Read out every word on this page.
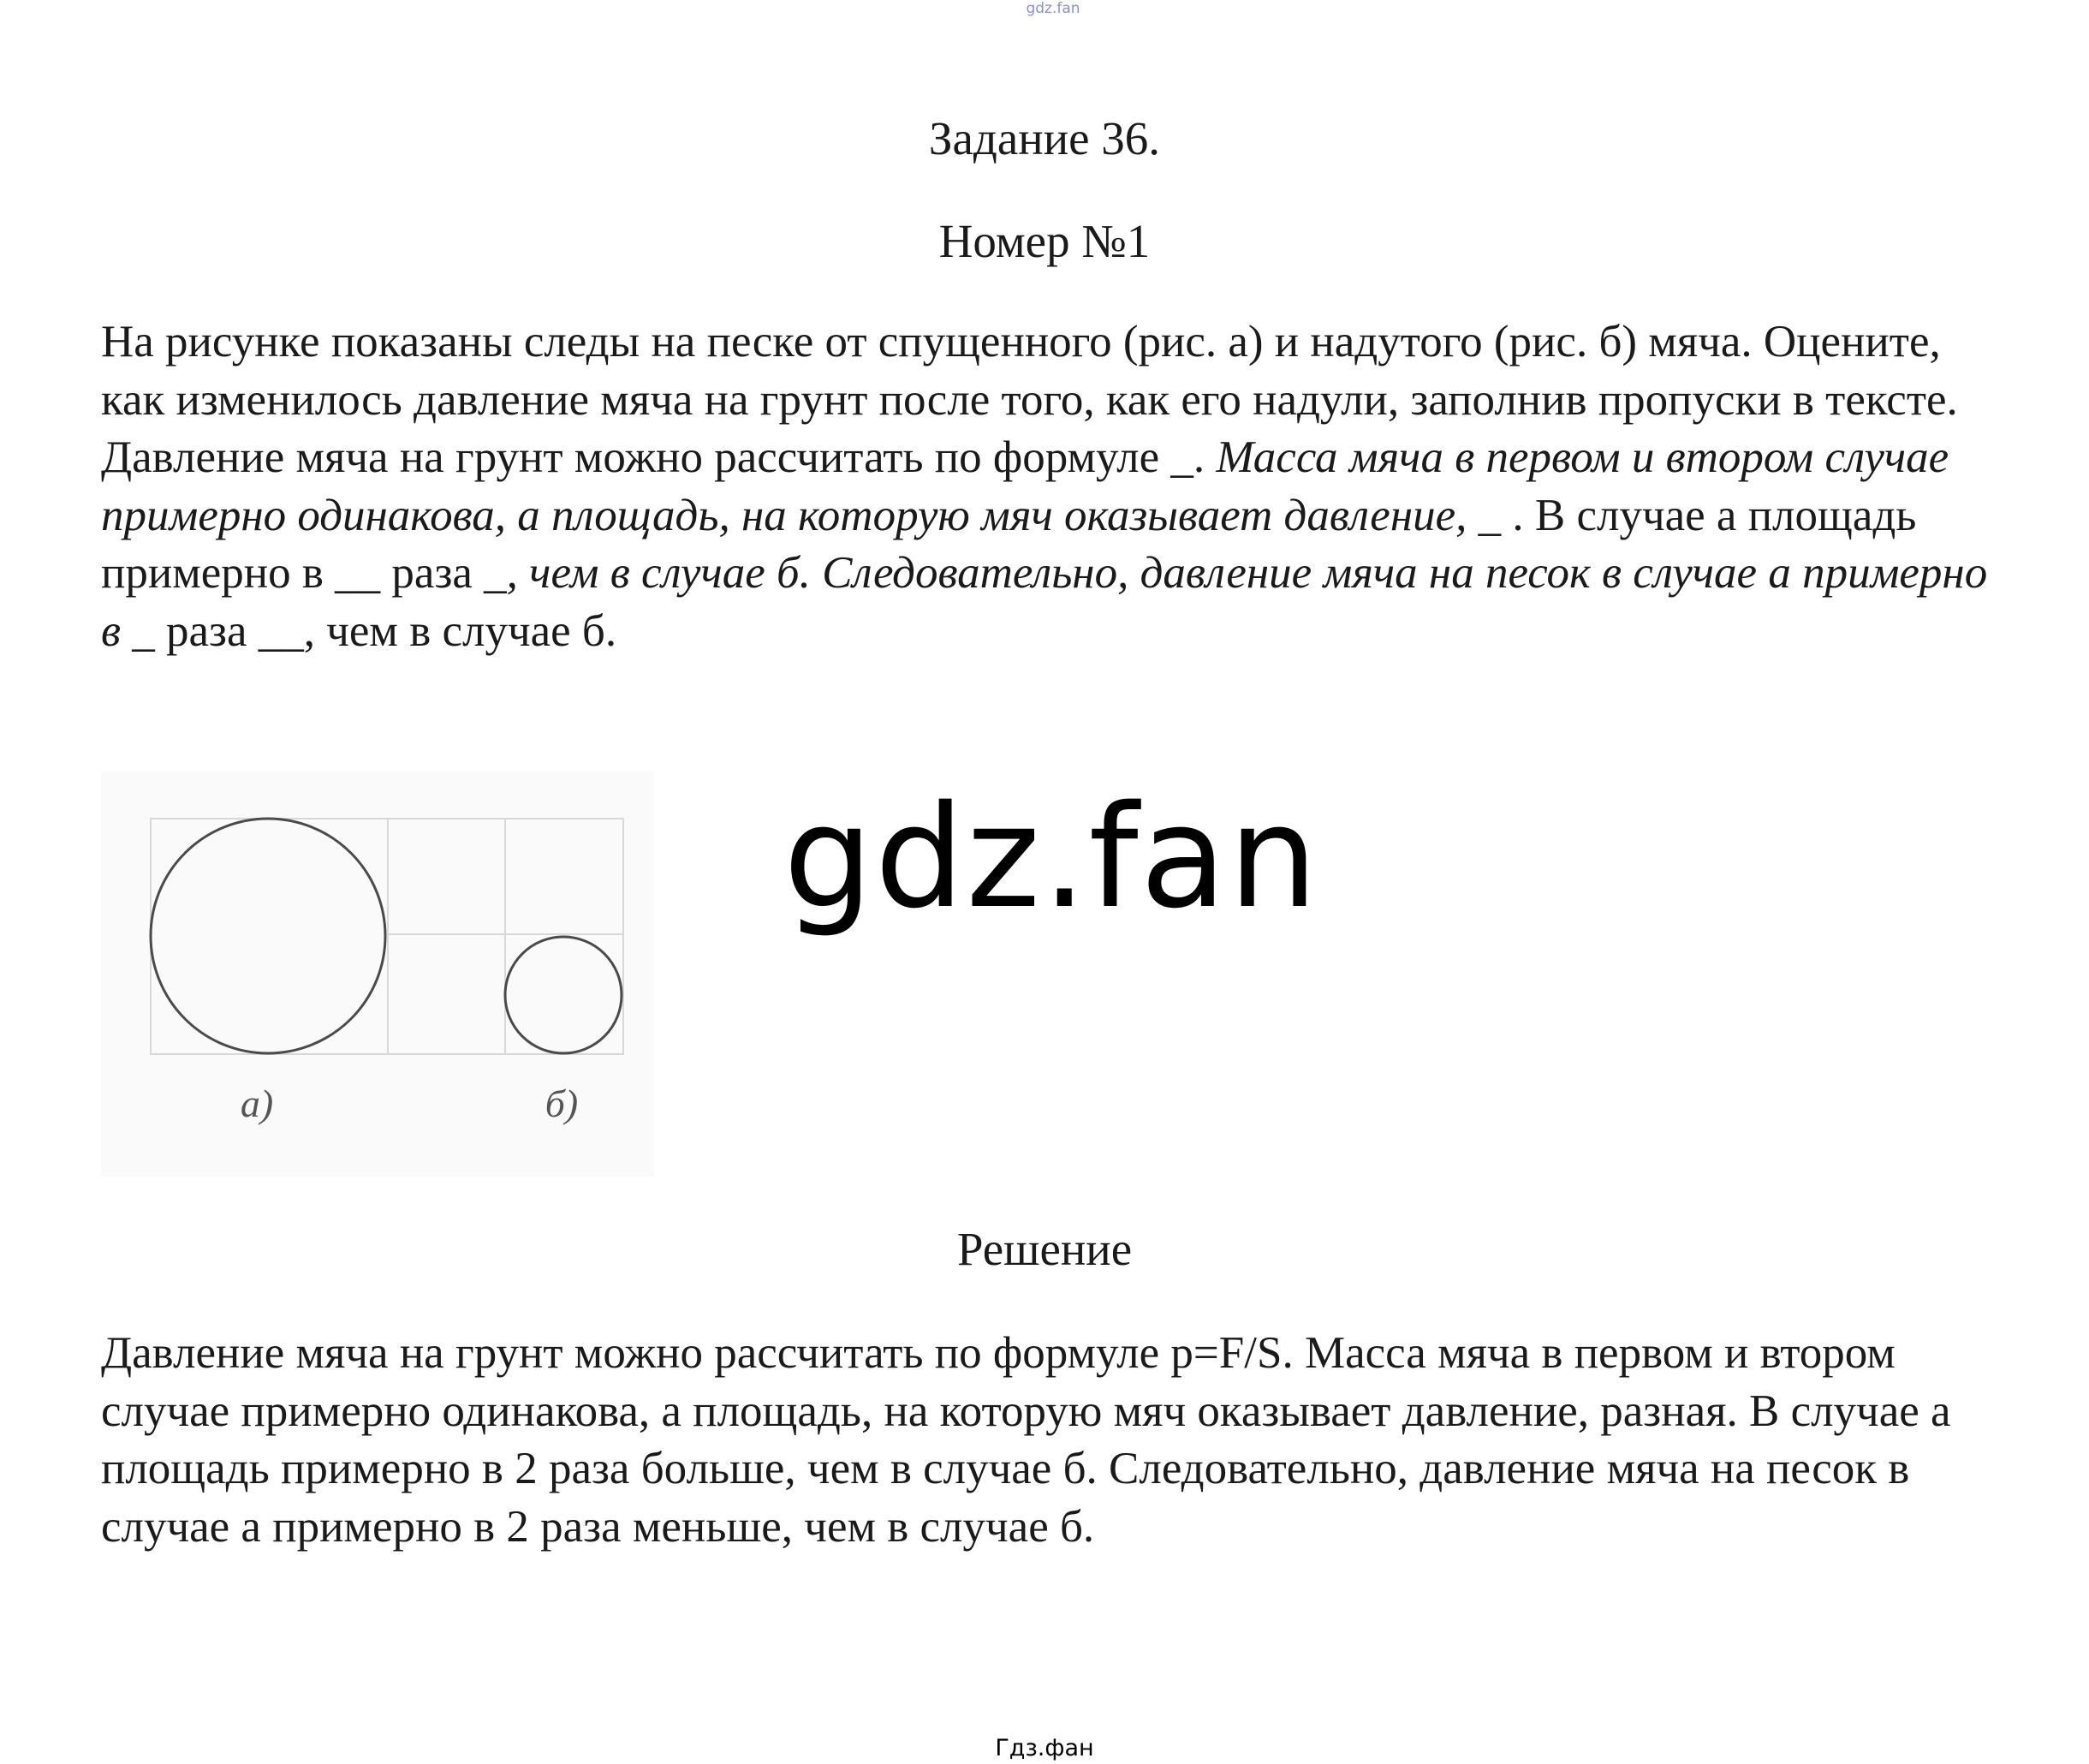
gdz.fan
Задание 36.
Номер №1
На рисунке показаны следы на песке от спущенного (рис. а) и надутого (рис. б) мяча. Оцените, как изменилось давление мяча на грунт после того, как его надули, заполнив пропуски в тексте.
Давление мяча на грунт можно рассчитать по формуле _. Масса мяча в первом и втором случае примерно одинакова, а площадь, на которую мяч оказывает давление, _ . В случае а площадь примерно в __ раза _, чем в случае б. Следовательно, давление мяча на песок в случае а примерно в _ раза __, чем в случае б.
а)	б)
gdz.fan
Решение
Давление мяча на грунт можно рассчитать по формуле p=F/S. Масса мяча в первом и втором случае примерно одинакова, а площадь, на которую мяч оказывает давление, разная. В случае а площадь примерно в 2 раза больше, чем в случае б. Следовательно, давление мяча на песок в случае а примерно в 2 раза меньше, чем в случае б.
Гдз.фан
